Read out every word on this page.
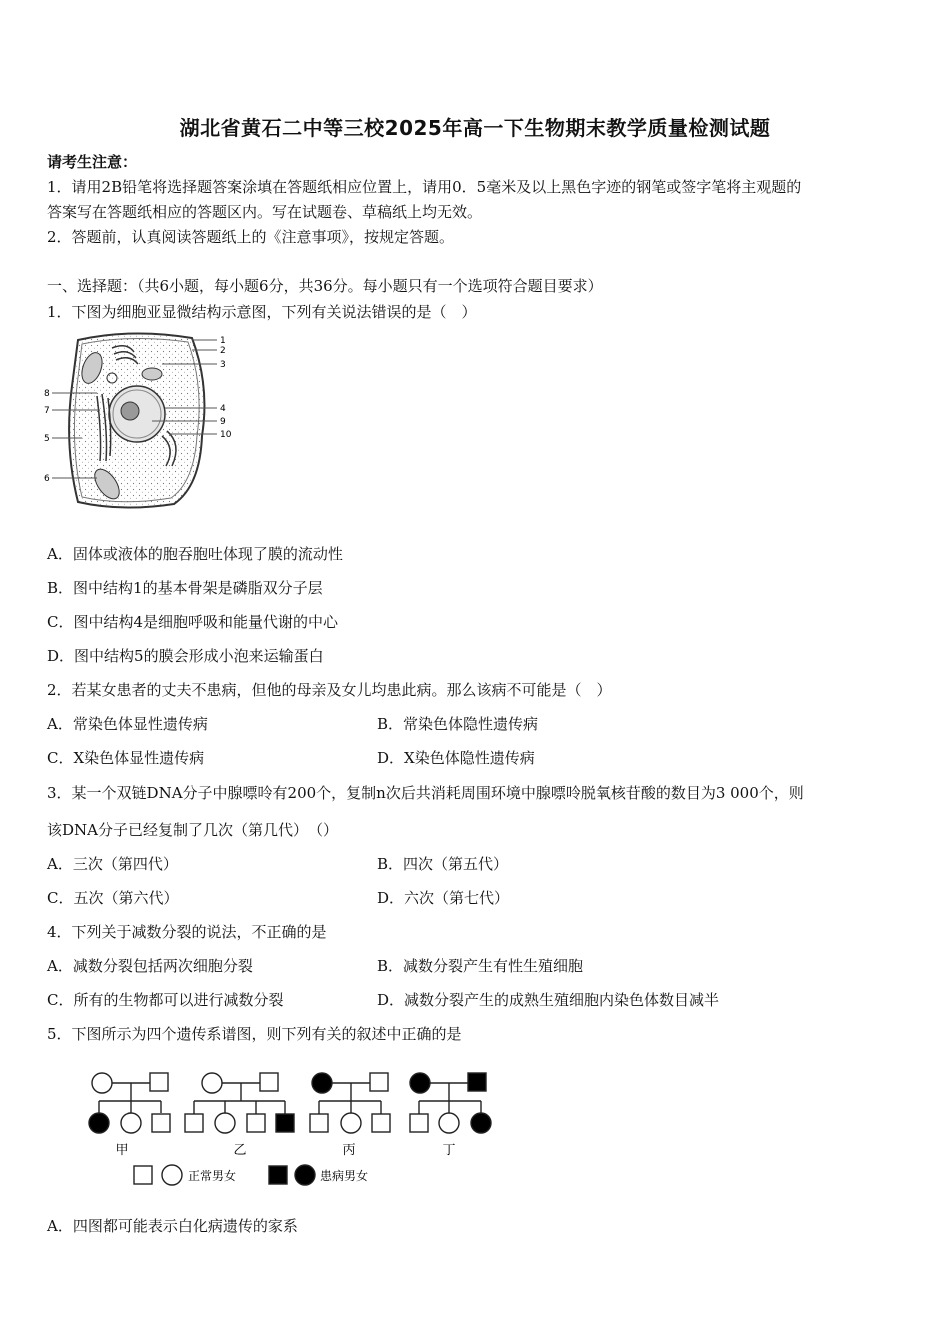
湖北省黄石二中等三校2025年高一下生物期末教学质量检测试题
请考生注意：
1．请用2B铅笔将选择题答案涂填在答题纸相应位置上，请用0．5毫米及以上黑色字迹的钢笔或签字笔将主观题的
答案写在答题纸相应的答题区内。写在试题卷、草稿纸上均无效。
2．答题前，认真阅读答题纸上的《注意事项》，按规定答题。
一、选择题：（共6小题，每小题6分，共36分。每小题只有一个选项符合题目要求）
1．下图为细胞亚显微结构示意图，下列有关说法错误的是（　）
1
2
3
4
9
10
8
7
5
6
A．固体或液体的胞吞胞吐体现了膜的流动性
B．图中结构1的基本骨架是磷脂双分子层
C．图中结构4是细胞呼吸和能量代谢的中心
D．图中结构5的膜会形成小泡来运输蛋白
2．若某女患者的丈夫不患病，但他的母亲及女儿均患此病。那么该病不可能是（　）
A．常染色体显性遗传病	B．常染色体隐性遗传病
C．X染色体显性遗传病	D．X染色体隐性遗传病
3．某一个双链DNA分子中腺嘌呤有200个，复制n次后共消耗周围环境中腺嘌呤脱氧核苷酸的数目为3 000个，则
该DNA分子已经复制了几次（第几代）　（）
A．三次（第四代）	B．四次（第五代）
C．五次（第六代）	D．六次（第七代）
4．下列关于减数分裂的说法，不正确的是
A．减数分裂包括两次细胞分裂	B．减数分裂产生有性生殖细胞
C．所有的生物都可以进行减数分裂	D．减数分裂产生的成熟生殖细胞内染色体数目减半
5．下图所示为四个遗传系谱图，则下列有关的叙述中正确的是
甲	乙	丙	丁
正常男女	患病男女
A．四图都可能表示白化病遗传的家系
